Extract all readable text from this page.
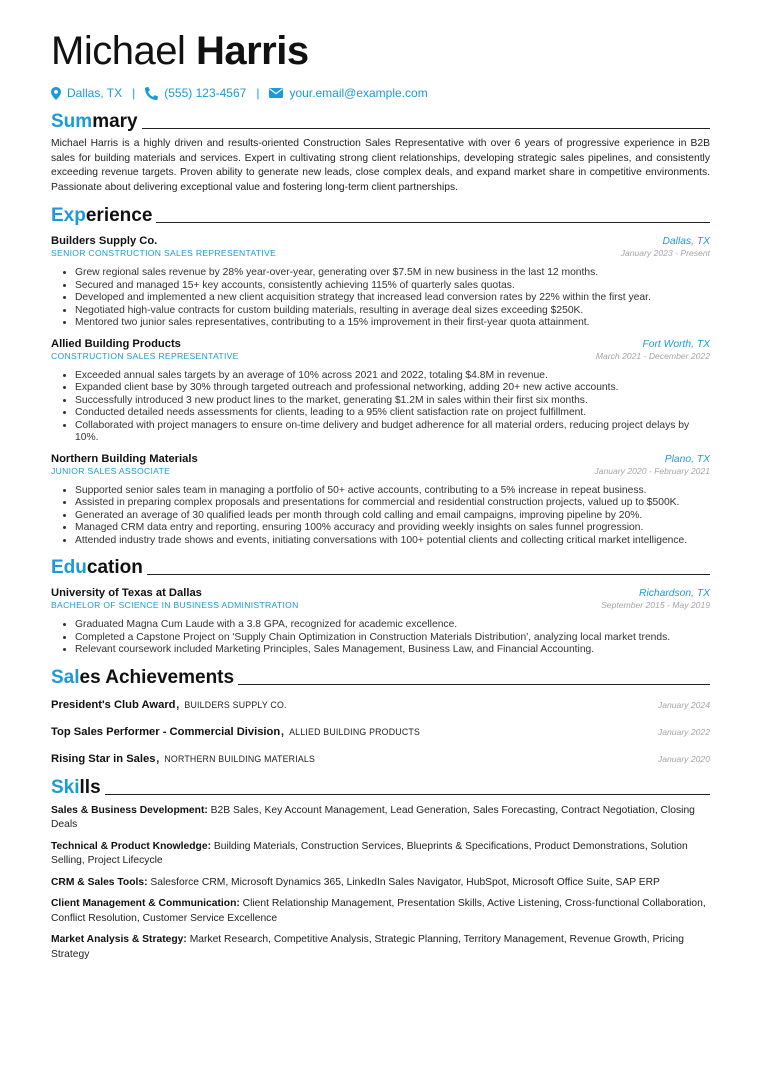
Michael Harris
Dallas, TX | (555) 123-4567 |	your.email@example.com
Summary
Michael Harris is a highly driven and results-oriented Construction Sales Representative with over 6 years of progressive experience in B2B sales for building materials and services. Expert in cultivating strong client relationships, developing strategic sales pipelines, and consistently exceeding revenue targets. Proven ability to generate new leads, close complex deals, and expand market share in competitive environments. Passionate about delivering exceptional value and fostering long-term client partnerships.
Experience
Builders Supply Co.	Dallas, TX
SENIOR CONSTRUCTION SALES REPRESENTATIVE	January 2023 - Present
• Grew regional sales revenue by 28% year-over-year, generating over $7.5M in new business in the last 12 months.
• Secured and managed 15+ key accounts, consistently achieving 115% of quarterly sales quotas.
• Developed and implemented a new client acquisition strategy that increased lead conversion rates by 22% within the first year.
• Negotiated high-value contracts for custom building materials, resulting in average deal sizes exceeding $250K.
• Mentored two junior sales representatives, contributing to a 15% improvement in their first-year quota attainment.
Allied Building Products	Fort Worth, TX
CONSTRUCTION SALES REPRESENTATIVE	March 2021 - December 2022
• Exceeded annual sales targets by an average of 10% across 2021 and 2022, totaling $4.8M in revenue.
• Expanded client base by 30% through targeted outreach and professional networking, adding 20+ new active accounts.
• Successfully introduced 3 new product lines to the market, generating $1.2M in sales within their first six months.
• Conducted detailed needs assessments for clients, leading to a 95% client satisfaction rate on project fulfillment.
• Collaborated with project managers to ensure on-time delivery and budget adherence for all material orders, reducing project delays by 10%.
Northern Building Materials	Plano, TX
JUNIOR SALES ASSOCIATE	January 2020 - February 2021
• Supported senior sales team in managing a portfolio of 50+ active accounts, contributing to a 5% increase in repeat business.
• Assisted in preparing complex proposals and presentations for commercial and residential construction projects, valued up to $500K.
• Generated an average of 30 qualified leads per month through cold calling and email campaigns, improving pipeline by 20%.
• Managed CRM data entry and reporting, ensuring 100% accuracy and providing weekly insights on sales funnel progression.
• Attended industry trade shows and events, initiating conversations with 100+ potential clients and collecting critical market intelligence.
Education
University of Texas at Dallas	Richardson, TX
BACHELOR OF SCIENCE IN BUSINESS ADMINISTRATION	September 2015 - May 2019
• Graduated Magna Cum Laude with a 3.8 GPA, recognized for academic excellence.
• Completed a Capstone Project on 'Supply Chain Optimization in Construction Materials Distribution', analyzing local market trends.
• Relevant coursework included Marketing Principles, Sales Management, Business Law, and Financial Accounting.
Sales Achievements
President's Club Award, BUILDERS SUPPLY CO.	January 2024
Top Sales Performer - Commercial Division, ALLIED BUILDING PRODUCTS	January 2022
Rising Star in Sales, NORTHERN BUILDING MATERIALS	January 2020
Skills
Sales & Business Development: B2B Sales, Key Account Management, Lead Generation, Sales Forecasting, Contract Negotiation, Closing Deals
Technical & Product Knowledge: Building Materials, Construction Services, Blueprints & Specifications, Product Demonstrations, Solution Selling, Project Lifecycle
CRM & Sales Tools: Salesforce CRM, Microsoft Dynamics 365, LinkedIn Sales Navigator, HubSpot, Microsoft Office Suite, SAP ERP
Client Management & Communication: Client Relationship Management, Presentation Skills, Active Listening, Cross-functional Collaboration, Conflict Resolution, Customer Service Excellence
Market Analysis & Strategy: Market Research, Competitive Analysis, Strategic Planning, Territory Management, Revenue Growth, Pricing Strategy
